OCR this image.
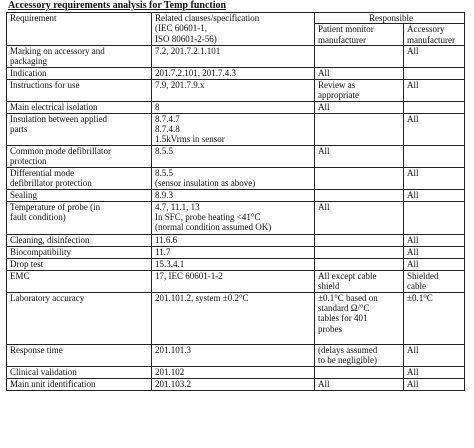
Accessory requirements analysis for Temp function
Requirement	Related clauses/specification
(IEC 60601-1,
ISO 80601-2-56)	Responsible	

		Patient monitor
manufacturer	Accessory
manufacturer

Marking on accessory and
packaging	7.2, 201.7.2.1.101		All

Indication	201.7.2.101, 201.7.4.3	All	

Instructions for use	7.9, 201.7.9.x	Review as
appropriate	All

Main electrical isolation	8	All	

Insulation between applied
parts	8.7.4.7
8.7.4.8
1.5kVrms in sensor		All

Common mode defibrillator
protection	8.5.5	All	

Differential mode
defibrillator protection	8.5.5
(sensor insulation as above)		All

Sealing	8.9.3		All

Temperature of probe (in
fault condition)	4.7, 11.1, 13
In SFC, probe heating <41°C
(normal condition assumed OK)	All	

Cleaning, disinfection	11.6.6		All

Biocompatibility	11.7		All

Drop test	15.3.4.1		All

EMC	17, IEC 60601-1-2	All except cable
shield	Shielded
cable

Laboratory accuracy	201.101.2, system ±0.2°C	±0.1°C based on
standard Ω/°C
tables for 401
probes	±0.1°C

Response time	201.101.3	(delays assumed
to be negligible)	All

Clinical validation	201.102		All

Main unit identification	201.103.2	All	All
